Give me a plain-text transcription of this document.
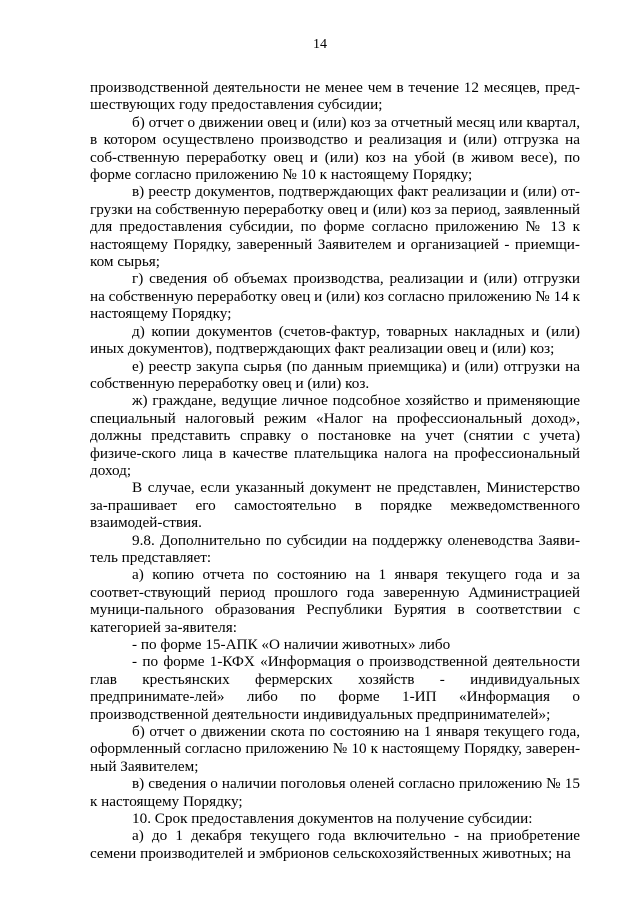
14

производственной деятельности не менее чем в течение 12 месяцев, пред-шествующих году предоставления субсидии;

б) отчет о движении овец и (или) коз за отчетный месяц или квартал, в котором осуществлено производство и реализация и (или) отгрузка на соб-ственную переработку овец и (или) коз на убой (в живом весе), по форме согласно приложению № 10 к настоящему Порядку;

в) реестр документов, подтверждающих факт реализации и (или) от-грузки на собственную переработку овец и (или) коз за период, заявленный для предоставления субсидии, по форме согласно приложению № 13 к настоящему Порядку, заверенный Заявителем и организацией - приемщи-ком сырья;

г) сведения об объемах производства, реализации и (или) отгрузки на собственную переработку овец и (или) коз согласно приложению № 14 к настоящему Порядку;

д) копии документов (счетов-фактур, товарных накладных и (или) иных документов), подтверждающих факт реализации овец и (или) коз;

е) реестр закупа сырья (по данным приемщика) и (или) отгрузки на собственную переработку овец и (или) коз.

ж) граждане, ведущие личное подсобное хозяйство и применяющие специальный налоговый режим «Налог на профессиональный доход», должны представить справку о постановке на учет (снятии с учета) физиче-ского лица в качестве плательщика налога на профессиональный доход;

В случае, если указанный документ не представлен, Министерство за-прашивает его самостоятельно в порядке межведомственного взаимодей-ствия.

9.8. Дополнительно по субсидии на поддержку оленеводства Заяви-тель представляет:

а) копию отчета по состоянию на 1 января текущего года и за соответ-ствующий период прошлого года заверенную Администрацией муници-пального образования Республики Бурятия в соответствии с категорией за-явителя:

- по форме 15-АПК «О наличии животных» либо

- по форме 1-КФХ «Информация о производственной деятельности глав крестьянских фермерских хозяйств - индивидуальных предпринимате-лей» либо по форме 1-ИП «Информация о производственной деятельности индивидуальных предпринимателей»;

б) отчет о движении скота по состоянию на 1 января текущего года, оформленный согласно приложению № 10 к настоящему Порядку, заверен-ный Заявителем;

в) сведения о наличии поголовья оленей согласно приложению № 15 к настоящему Порядку;

10. Срок предоставления документов на получение субсидии:

а) до 1 декабря текущего года включительно - на приобретение семени производителей и эмбрионов сельскохозяйственных животных; на
